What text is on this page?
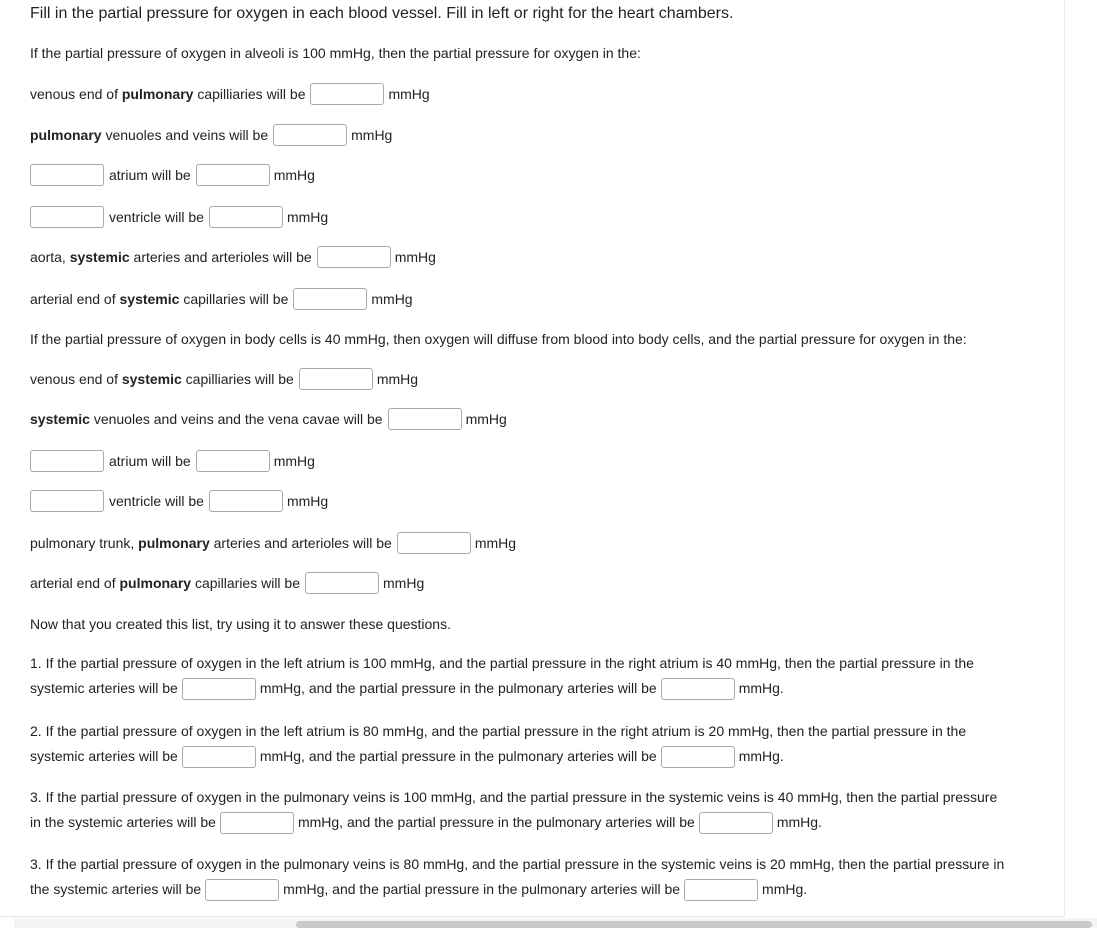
Fill in the partial pressure for oxygen in each blood vessel. Fill in left or right for the heart chambers.
If the partial pressure of oxygen in alveoli is 100 mmHg, then the partial pressure for oxygen in the:
venous end of pulmonary capilliaries will be	mmHg
pulmonary venuoles and veins will be	mmHg
atrium will be	mmHg
ventricle will be	mmHg
aorta, systemic arteries and arterioles will be	mmHg
arterial end of systemic capillaries will be	mmHg
If the partial pressure of oxygen in body cells is 40 mmHg, then oxygen will diffuse from blood into body cells, and the partial pressure for oxygen in the:
venous end of systemic capilliaries will be	mmHg
systemic venuoles and veins and the vena cavae will be	mmHg
atrium will be	mmHg
ventricle will be	mmHg
pulmonary trunk, pulmonary arteries and arterioles will be	mmHg
arterial end of pulmonary capillaries will be	mmHg
Now that you created this list, try using it to answer these questions.
1. If the partial pressure of oxygen in the left atrium is 100 mmHg, and the partial pressure in the right atrium is 40 mmHg, then the partial pressure in the
systemic arteries will be	mmHg, and the partial pressure in the pulmonary arteries will be	mmHg.
2. If the partial pressure of oxygen in the left atrium is 80 mmHg, and the partial pressure in the right atrium is 20 mmHg, then the partial pressure in the
systemic arteries will be	mmHg, and the partial pressure in the pulmonary arteries will be	mmHg.
3. If the partial pressure of oxygen in the pulmonary veins is 100 mmHg, and the partial pressure in the systemic veins is 40 mmHg, then the partial pressure
in the systemic arteries will be	mmHg, and the partial pressure in the pulmonary arteries will be	mmHg.
3. If the partial pressure of oxygen in the pulmonary veins is 80 mmHg, and the partial pressure in the systemic veins is 20 mmHg, then the partial pressure in
the systemic arteries will be	mmHg, and the partial pressure in the pulmonary arteries will be	mmHg.
